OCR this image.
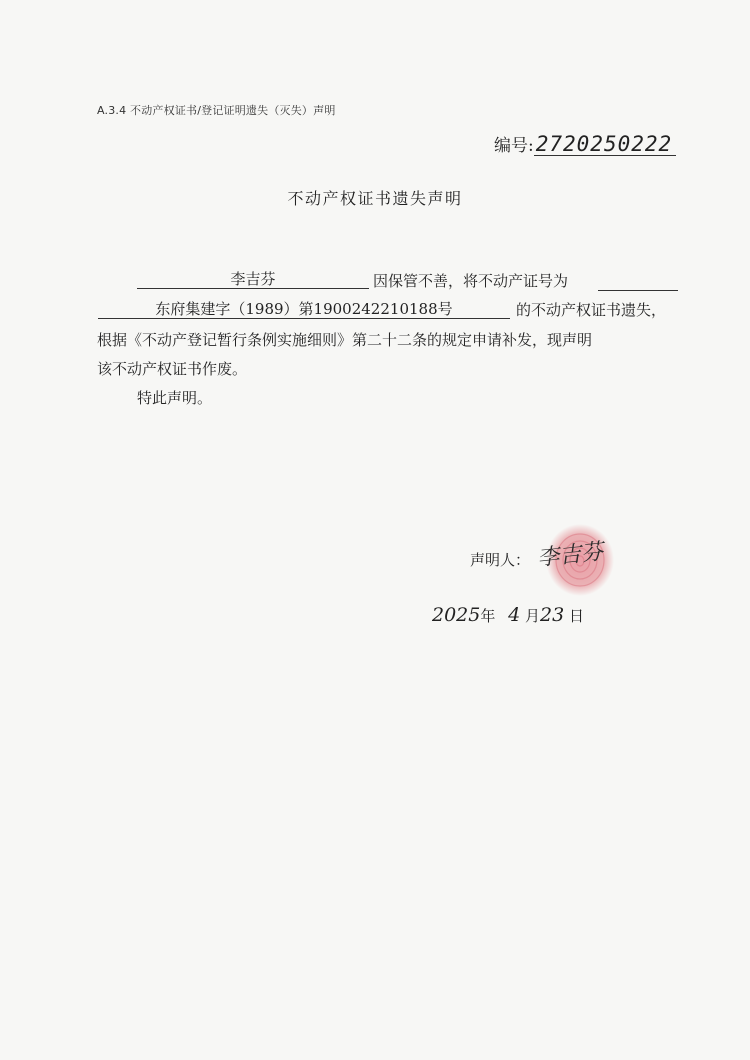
A.3.4 不动产权证书/登记证明遗失（灭失）声明
编号:2720250222
不动产权证书遗失声明
李吉芬	因保管不善，将不动产证号为
东府集建字（1989）第1900242210188号	的不动产权证书遗失，
根据《不动产登记暂行条例实施细则》第二十二条的规定申请补发，现声明
该不动产权证书作废。
特此声明。
声明人： 李吉芬
2025年 4 月23 日
